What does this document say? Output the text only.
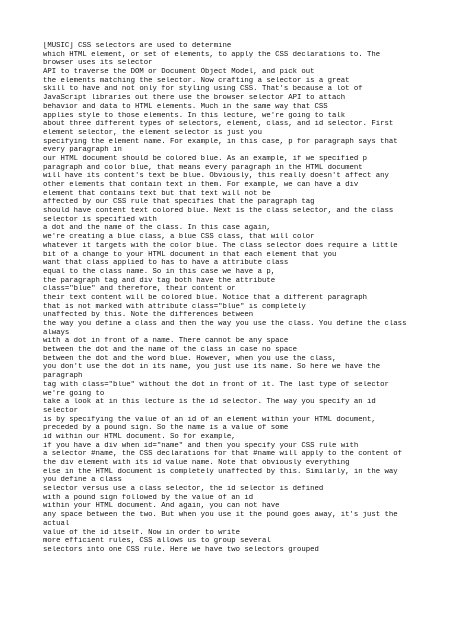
[MUSIC] CSS selectors are used to determine
which HTML element, or set of elements, to apply the CSS declarations to. The
browser uses its selector
API to traverse the DOM or Document Object Model, and pick out
the elements matching the selector. Now crafting a selector is a great
skill to have and not only for styling using CSS. That's because a lot of
JavaScript libraries out there use the browser selector API to attach
behavior and data to HTML elements. Much in the same way that CSS
applies style to those elements. In this lecture, we're going to talk
about three different types of selectors, element, class, and id selector. First
element selector, the element selector is just you
specifying the element name. For example, in this case, p for paragraph says that
every paragraph in
our HTML document should be colored blue. As an example, if we specified p
paragraph and color blue, that means every paragraph in the HTML document
will have its content's text be blue. Obviously, this really doesn't affect any
other elements that contain text in them. For example, we can have a div
element that contains text but that text will not be
affected by our CSS rule that specifies that the paragraph tag
should have content text colored blue. Next is the class selector, and the class
selector is specified with
a dot and the name of the class. In this case again,
we're creating a blue class, a blue CSS class, that will color
whatever it targets with the color blue. The class selector does require a little
bit of a change to your HTML document in that each element that you
want that class applied to has to have a attribute class
equal to the class name. So in this case we have a p,
the paragraph tag and div tag both have the attribute
class="blue" and therefore, their content or
their text content will be colored blue. Notice that a different paragraph
that is not marked with attribute class="blue" is completely
unaffected by this. Note the differences between
the way you define a class and then the way you use the class. You define the class
always
with a dot in front of a name. There cannot be any space
between the dot and the name of the class in case no space
between the dot and the word blue. However, when you use the class,
you don't use the dot in its name, you just use its name. So here we have the
paragraph
tag with class="blue" without the dot in front of it. The last type of selector
we're going to
take a look at in this lecture is the id selector. The way you specify an id
selector
is by specifying the value of an id of an element within your HTML document,
preceded by a pound sign. So the name is a value of some
id within our HTML document. So for example,
if you have a div when id="name" and then you specify your CSS rule with
a selector #name, the CSS declarations for that #name will apply to the content of
the div element with its id value name. Note that obviously everything
else in the HTML document is completely unaffected by this. Similarly, in the way
you define a class
selector versus use a class selector, the id selector is defined
with a pound sign followed by the value of an id
within your HTML document. And again, you can not have
any space between the two. But when you use it the pound goes away, it's just the
actual
value of the id itself. Now in order to write
more efficient rules, CSS allows us to group several
selectors into one CSS rule. Here we have two selectors grouped
